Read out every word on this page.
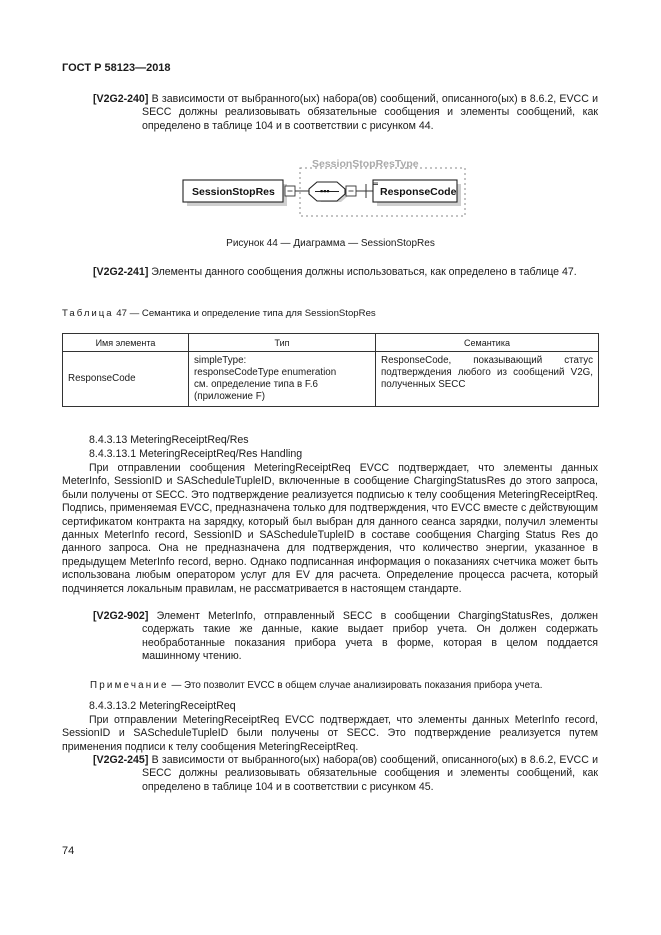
ГОСТ Р 58123—2018
[V2G2-240] В зависимости от выбранного(ых) набора(ов) сообщений, описанного(ых) в 8.6.2, EVCC и SECC должны реализовывать обязательные сообщения и элементы сообщений, как определено в таблице 104 и в соответствии с рисунком 44.
SessionStopResType
SessionStopRes	▪▪▪	ResponseCode
Рисунок 44 — Диаграмма — SessionStopRes
[V2G2-241] Элементы данного сообщения должны использоваться, как определено в таблице 47.
Таблица 47 — Семантика и определение типа для SessionStopRes
Имя элемента	Тип	Семантика
ResponseCode	simpleType:
responseCodeType enumeration
см. определение типа в F.6
(приложение F)	ResponseCode, показывающий статус подтверждения любого из сообщений V2G, полученных SECC
8.4.3.13 MeteringReceiptReq/Res
8.4.3.13.1 MeteringReceiptReq/Res Handling
При отправлении сообщения MeteringReceiptReq EVCC подтверждает, что элементы данных MeterInfo, SessionID и SAScheduleTupleID, включенные в сообщение ChargingStatusRes до этого запроса, были получены от SECC. Это подтверждение реализуется подписью к телу сообщения MeteringReceiptReq. Подпись, применяемая EVCC, предназначена только для подтверждения, что EVCC вместе с действующим сертификатом контракта на зарядку, который был выбран для данного сеанса зарядки, получил элементы данных MeterInfo record, SessionID и SAScheduleTupleID в составе сообщения Charging Status Res до данного запроса. Она не предназначена для подтверждения, что количество энергии, указанное в предыдущем MeterInfo record, верно. Однако подписанная информация о показаниях счетчика может быть использована любым оператором услуг для EV для расчета. Определение процесса расчета, который подчиняется локальным правилам, не рассматривается в настоящем стандарте.
[V2G2-902] Элемент MeterInfo, отправленный SECC в сообщении ChargingStatusRes, должен содержать такие же данные, какие выдает прибор учета. Он должен содержать необработанные показания прибора учета в форме, которая в целом поддается машинному чтению.
Примечание — Это позволит EVCC в общем случае анализировать показания прибора учета.
8.4.3.13.2 MeteringReceiptReq
При отправлении MeteringReceiptReq EVCC подтверждает, что элементы данных MeterInfo record, SessionID и SAScheduleTupleID были получены от SECC. Это подтверждение реализуется путем применения подписи к телу сообщения MeteringReceiptReq.
[V2G2-245] В зависимости от выбранного(ых) набора(ов) сообщений, описанного(ых) в 8.6.2, EVCC и SECC должны реализовывать обязательные сообщения и элементы сообщений, как определено в таблице 104 и в соответствии с рисунком 45.
74
